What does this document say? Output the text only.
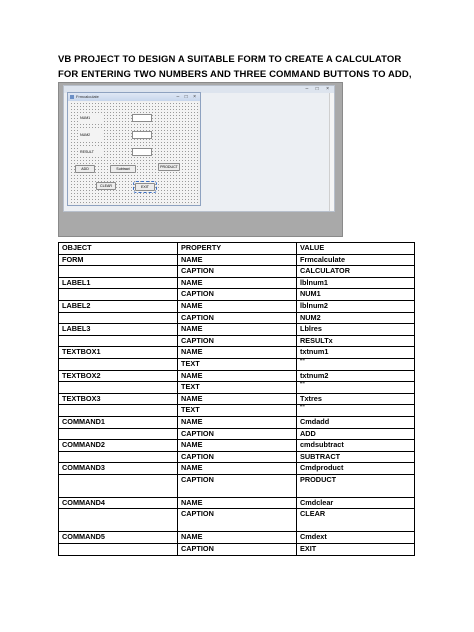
VB PROJECT TO DESIGN A SUITABLE FORM TO CREATE A CALCULATOR FOR ENTERING TWO NUMBERS AND THREE COMMAND BUTTONS TO ADD,
– □ ×
Frmcalculate	– □ ×
NUM1
NUM2
RESULT
ADD	Subtract	PRODUCT
CLEAR	EXIT
OBJECT	PROPERTY	VALUE
FORM	NAME	Frmcalculate
	CAPTION	CALCULATOR
LABEL1	NAME	lblnum1
	CAPTION	NUM1
LABEL2	NAME	lblnum2
	CAPTION	NUM2
LABEL3	NAME	Lblres
	CAPTION	RESULTx
TEXTBOX1	NAME	txtnum1
	TEXT	""
TEXTBOX2	NAME	txtnum2
	TEXT	""
TEXTBOX3	NAME	Txtres
	TEXT	""
COMMAND1	NAME	Cmdadd
	CAPTION	ADD
COMMAND2	NAME	cmdsubtract
	CAPTION	SUBTRACT
COMMAND3	NAME	Cmdproduct
	CAPTION	PRODUCT
COMMAND4	NAME	Cmdclear
	CAPTION	CLEAR
COMMAND5	NAME	Cmdext
	CAPTION	EXIT
